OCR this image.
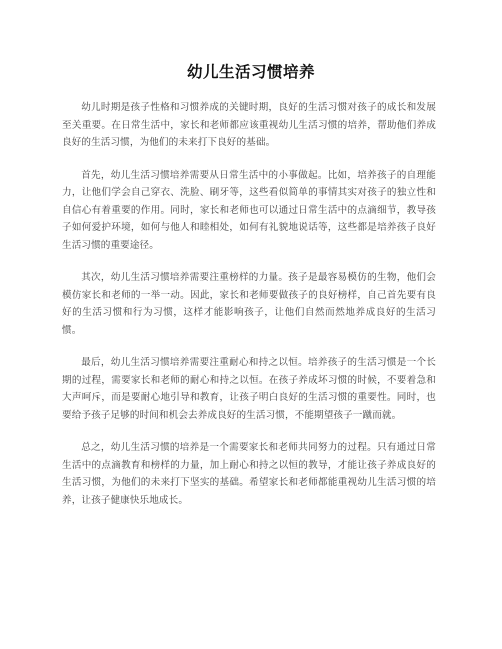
幼儿生活习惯培养

幼儿时期是孩子性格和习惯养成的关键时期，良好的生活习惯对孩子的成长和发展至关重要。在日常生活中，家长和老师都应该重视幼儿生活习惯的培养，帮助他们养成良好的生活习惯，为他们的未来打下良好的基础。

首先，幼儿生活习惯培养需要从日常生活中的小事做起。比如，培养孩子的自理能力，让他们学会自己穿衣、洗脸、刷牙等，这些看似简单的事情其实对孩子的独立性和自信心有着重要的作用。同时，家长和老师也可以通过日常生活中的点滴细节，教导孩子如何爱护环境，如何与他人和睦相处，如何有礼貌地说话等，这些都是培养孩子良好生活习惯的重要途径。

其次，幼儿生活习惯培养需要注重榜样的力量。孩子是最容易模仿的生物，他们会模仿家长和老师的一举一动。因此，家长和老师要做孩子的良好榜样，自己首先要有良好的生活习惯和行为习惯，这样才能影响孩子，让他们自然而然地养成良好的生活习惯。

最后，幼儿生活习惯培养需要注重耐心和持之以恒。培养孩子的生活习惯是一个长期的过程，需要家长和老师的耐心和持之以恒。在孩子养成坏习惯的时候，不要着急和大声呵斥，而是要耐心地引导和教育，让孩子明白良好的生活习惯的重要性。同时，也要给予孩子足够的时间和机会去养成良好的生活习惯，不能期望孩子一蹴而就。

总之，幼儿生活习惯的培养是一个需要家长和老师共同努力的过程。只有通过日常生活中的点滴教育和榜样的力量，加上耐心和持之以恒的教导，才能让孩子养成良好的生活习惯，为他们的未来打下坚实的基础。希望家长和老师都能重视幼儿生活习惯的培养，让孩子健康快乐地成长。
